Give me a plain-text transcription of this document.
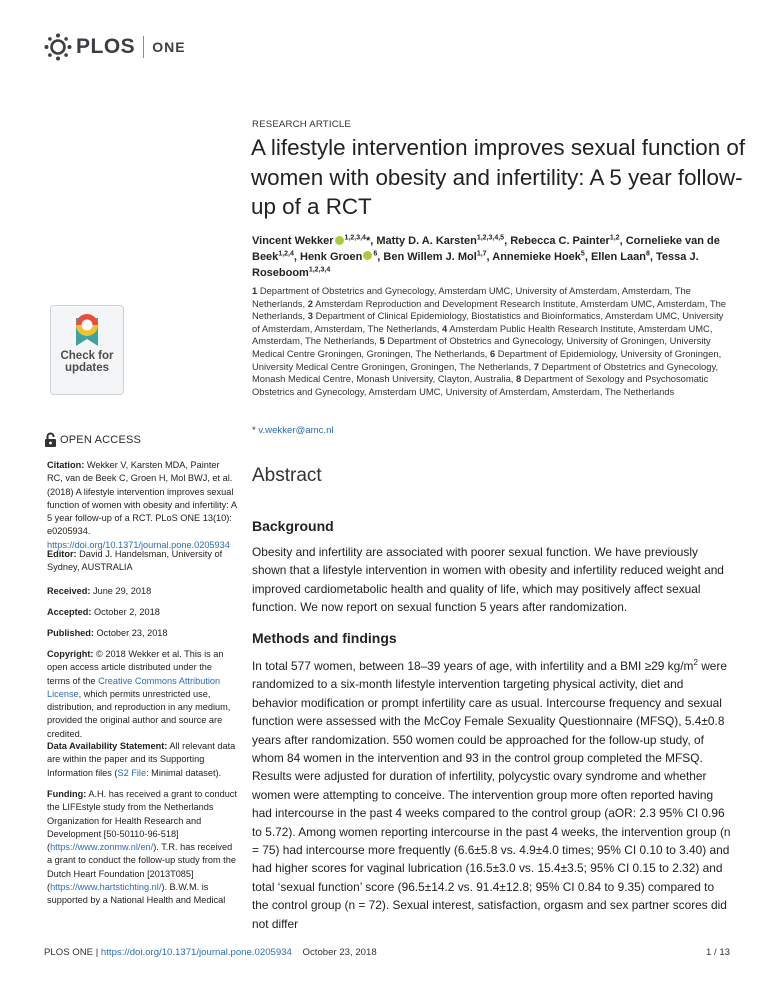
PLOS ONE
Check for
updates
OPEN ACCESS
Citation: Wekker V, Karsten MDA, Painter RC, van de Beek C, Groen H, Mol BWJ, et al. (2018) A lifestyle intervention improves sexual function of women with obesity and infertility: A 5 year follow-up of a RCT. PLoS ONE 13(10): e0205934. https://doi.org/10.1371/journal.pone.0205934
Editor: David J. Handelsman, University of Sydney, AUSTRALIA
Received: June 29, 2018
Accepted: October 2, 2018
Published: October 23, 2018
Copyright: © 2018 Wekker et al. This is an open access article distributed under the terms of the Creative Commons Attribution License, which permits unrestricted use, distribution, and reproduction in any medium, provided the original author and source are credited.
Data Availability Statement: All relevant data are within the paper and its Supporting Information files (S2 File: Minimal dataset).
Funding: A.H. has received a grant to conduct the LIFEstyle study from the Netherlands Organization for Health Research and Development [50-50110-96-518] (https://www.zonmw.nl/en/). T.R. has received a grant to conduct the follow-up study from the Dutch Heart Foundation [2013T085] (https://www.hartstichting.nl/). B.W.M. is supported by a National Health and Medical
RESEARCH ARTICLE
A lifestyle intervention improves sexual function of women with obesity and infertility: A 5 year follow-up of a RCT
Vincent Wekker $^{1,2,3,4}$*, Matty D. A. Karsten$^{1,2,3,4,5}$, Rebecca C. Painter$^{1,2}$, Cornelieke van de Beek$^{1,2,4}$, Henk Groen $^6$, Ben Willem J. Mol$^{1,7}$, Annemieke Hoek$^5$, Ellen Laan$^8$, Tessa J. Roseboom$^{1,2,3,4}$
1 Department of Obstetrics and Gynecology, Amsterdam UMC, University of Amsterdam, Amsterdam, The Netherlands, 2 Amsterdam Reproduction and Development Research Institute, Amsterdam UMC, Amsterdam, The Netherlands, 3 Department of Clinical Epidemiology, Biostatistics and Bioinformatics, Amsterdam UMC, University of Amsterdam, Amsterdam, The Netherlands, 4 Amsterdam Public Health Research Institute, Amsterdam UMC, Amsterdam, The Netherlands, 5 Department of Obstetrics and Gynecology, University of Groningen, University Medical Centre Groningen, Groningen, The Netherlands, 6 Department of Epidemiology, University of Groningen, University Medical Centre Groningen, Groningen, The Netherlands, 7 Department of Obstetrics and Gynecology, Monash Medical Centre, Monash University, Clayton, Australia, 8 Department of Sexology and Psychosomatic Obstetrics and Gynecology, Amsterdam UMC, University of Amsterdam, Amsterdam, The Netherlands
* v.wekker@amc.nl
Abstract
Background

Obesity and infertility are associated with poorer sexual function. We have previously shown that a lifestyle intervention in women with obesity and infertility reduced weight and improved cardiometabolic health and quality of life, which may positively affect sexual function. We now report on sexual function 5 years after randomization.

Methods and findings

In total 577 women, between 18–39 years of age, with infertility and a BMI ≥29 $kg/m^2$ were randomized to a six-month lifestyle intervention targeting physical activity, diet and behavior modification or prompt infertility care as usual. Intercourse frequency and sexual function were assessed with the McCoy Female Sexuality Questionnaire (MFSQ), 5.4±0.8 years after randomization. 550 women could be approached for the follow-up study, of whom 84 women in the intervention and 93 in the control group completed the MFSQ. Results were adjusted for duration of infertility, polycystic ovary syndrome and whether women were attempting to conceive. The intervention group more often reported having had intercourse in the past 4 weeks compared to the control group (aOR: 2.3 95% CI 0.96 to 5.72). Among women reporting intercourse in the past 4 weeks, the intervention group (n = 75) had intercourse more frequently (6.6±5.8 vs. 4.9±4.0 times; 95% CI 0.10 to 3.40) and had higher scores for vaginal lubrication (16.5±3.0 vs. 15.4±3.5; 95% CI 0.15 to 2.32) and total ‘sexual function’ score (96.5±14.2 vs. 91.4±12.8; 95% CI 0.84 to 9.35) compared to the control group (n = 72). Sexual interest, satisfaction, orgasm and sex partner scores did not differ

PLOS ONE | https://doi.org/10.1371/journal.pone.0205934 October 23, 2018	1 / 13
